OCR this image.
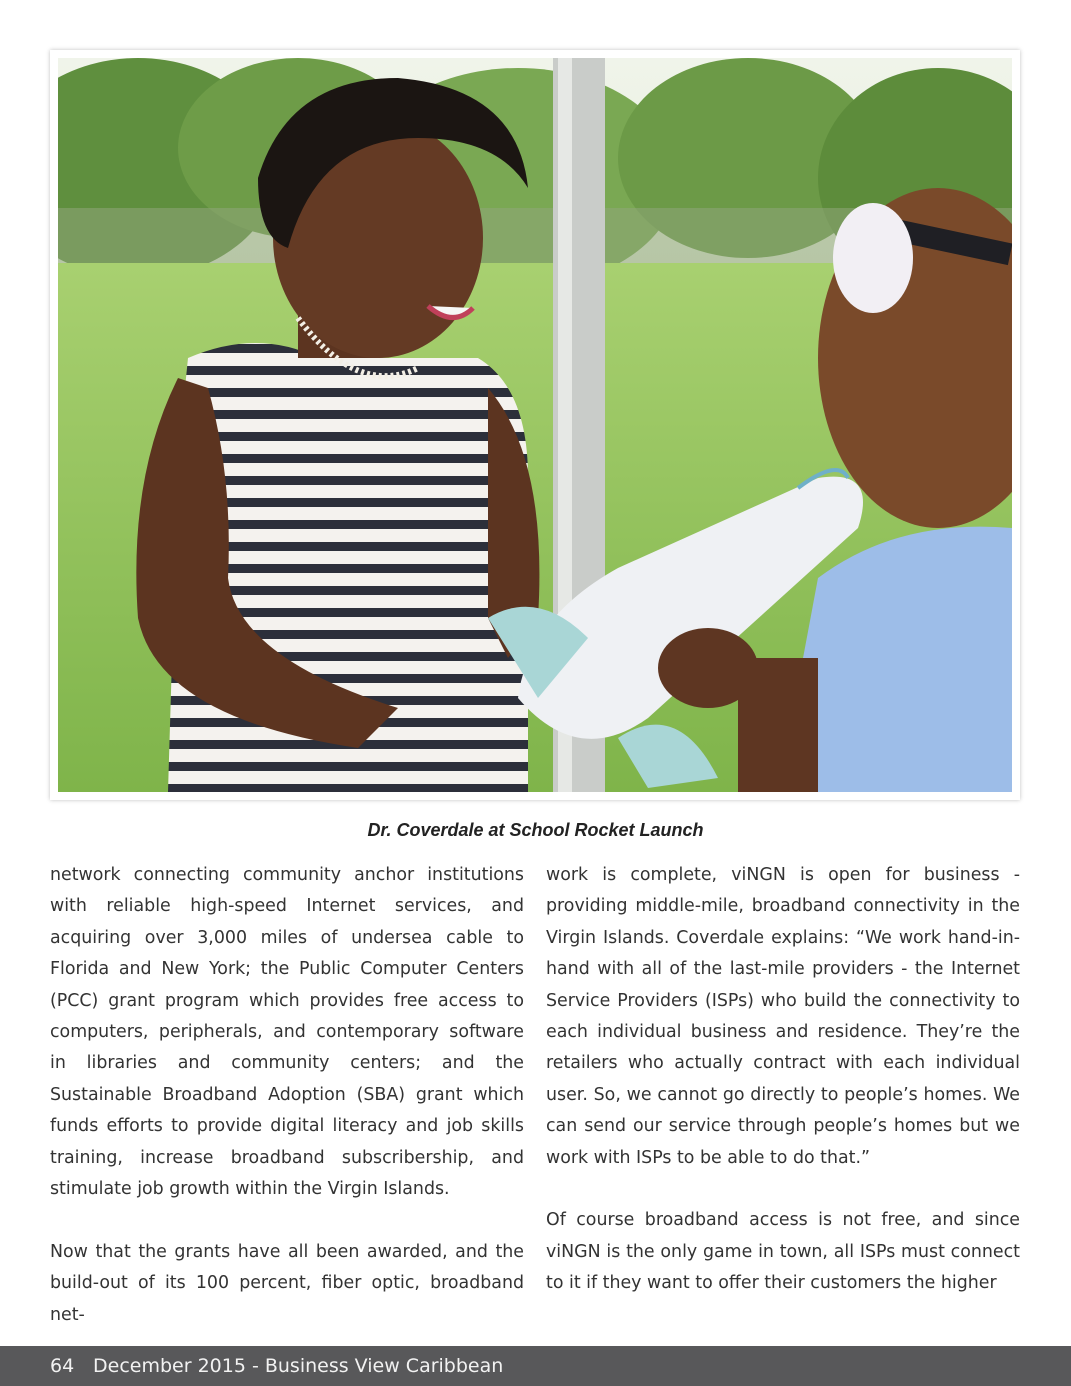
Dr. Coverdale at School Rocket Launch

network connecting community anchor institutions with reliable high-speed Internet services, and acquiring over 3,000 miles of undersea cable to Florida and New York; the Public Computer Centers (PCC) grant program which provides free access to computers, peripherals, and contemporary software in libraries and community centers; and the Sustainable Broadband Adoption (SBA) grant which funds efforts to provide digital literacy and job skills training, increase broadband subscribership, and stimulate job growth within the Virgin Islands.

Now that the grants have all been awarded, and the build-out of its 100 percent, fiber optic, broadband net-

work is complete, viNGN is open for business - providing middle-mile, broadband connectivity in the Virgin Islands. Coverdale explains: “We work hand-in-hand with all of the last-mile providers - the Internet Service Providers (ISPs) who build the connectivity to each individual business and residence. They’re the retailers who actually contract with each individual user. So, we cannot go directly to people’s homes. We can send our service through people’s homes but we work with ISPs to be able to do that.”

Of course broadband access is not free, and since viNGN is the only game in town, all ISPs must connect to it if they want to offer their customers the higher

64 December 2015 - Business View Caribbean
